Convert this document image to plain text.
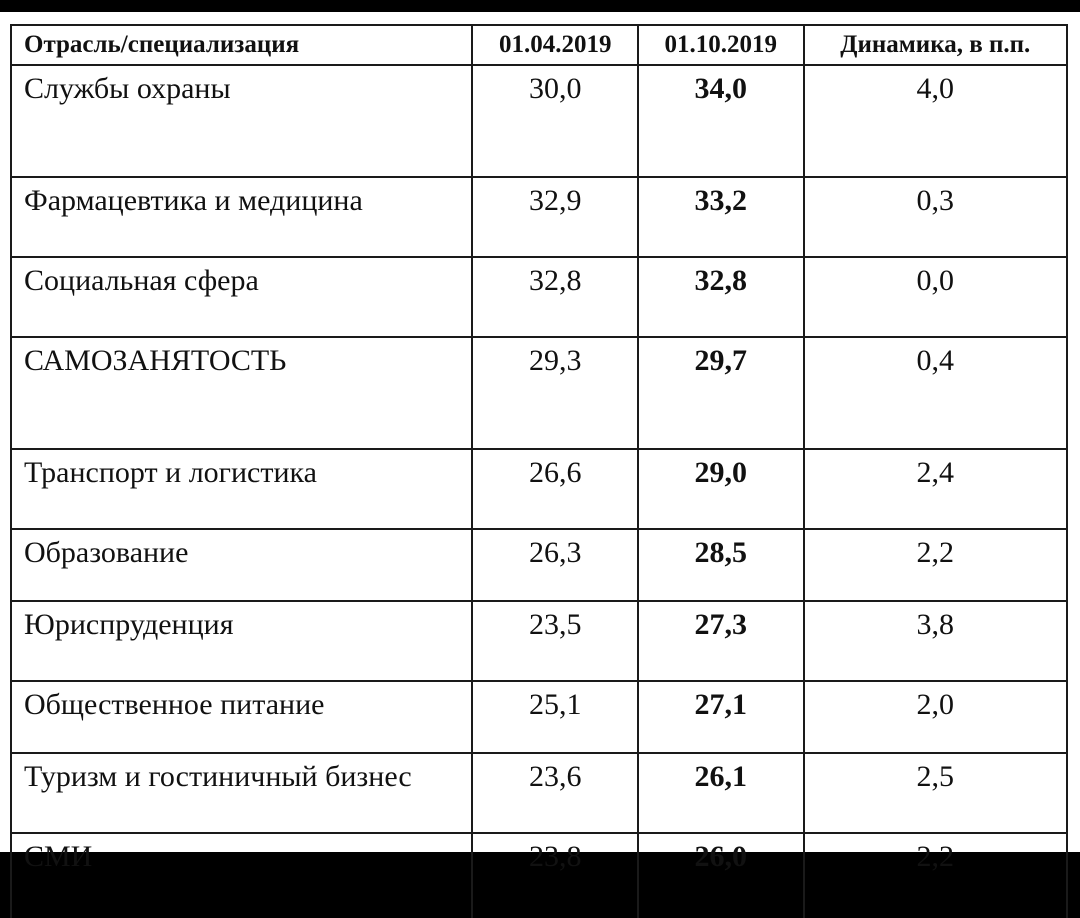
Отрасль/специализация	01.04.2019	01.10.2019	Динамика, в п.п.
Службы охраны	30,0	34,0	4,0
Фармацевтика и медицина	32,9	33,2	0,3
Социальная сфера	32,8	32,8	0,0
САМОЗАНЯТОСТЬ	29,3	29,7	0,4
Транспорт и логистика	26,6	29,0	2,4
Образование	26,3	28,5	2,2
Юриспруденция	23,5	27,3	3,8
Общественное питание	25,1	27,1	2,0
Туризм и гостиничный бизнес	23,6	26,1	2,5
СМИ	23,8	26,0	2,2
